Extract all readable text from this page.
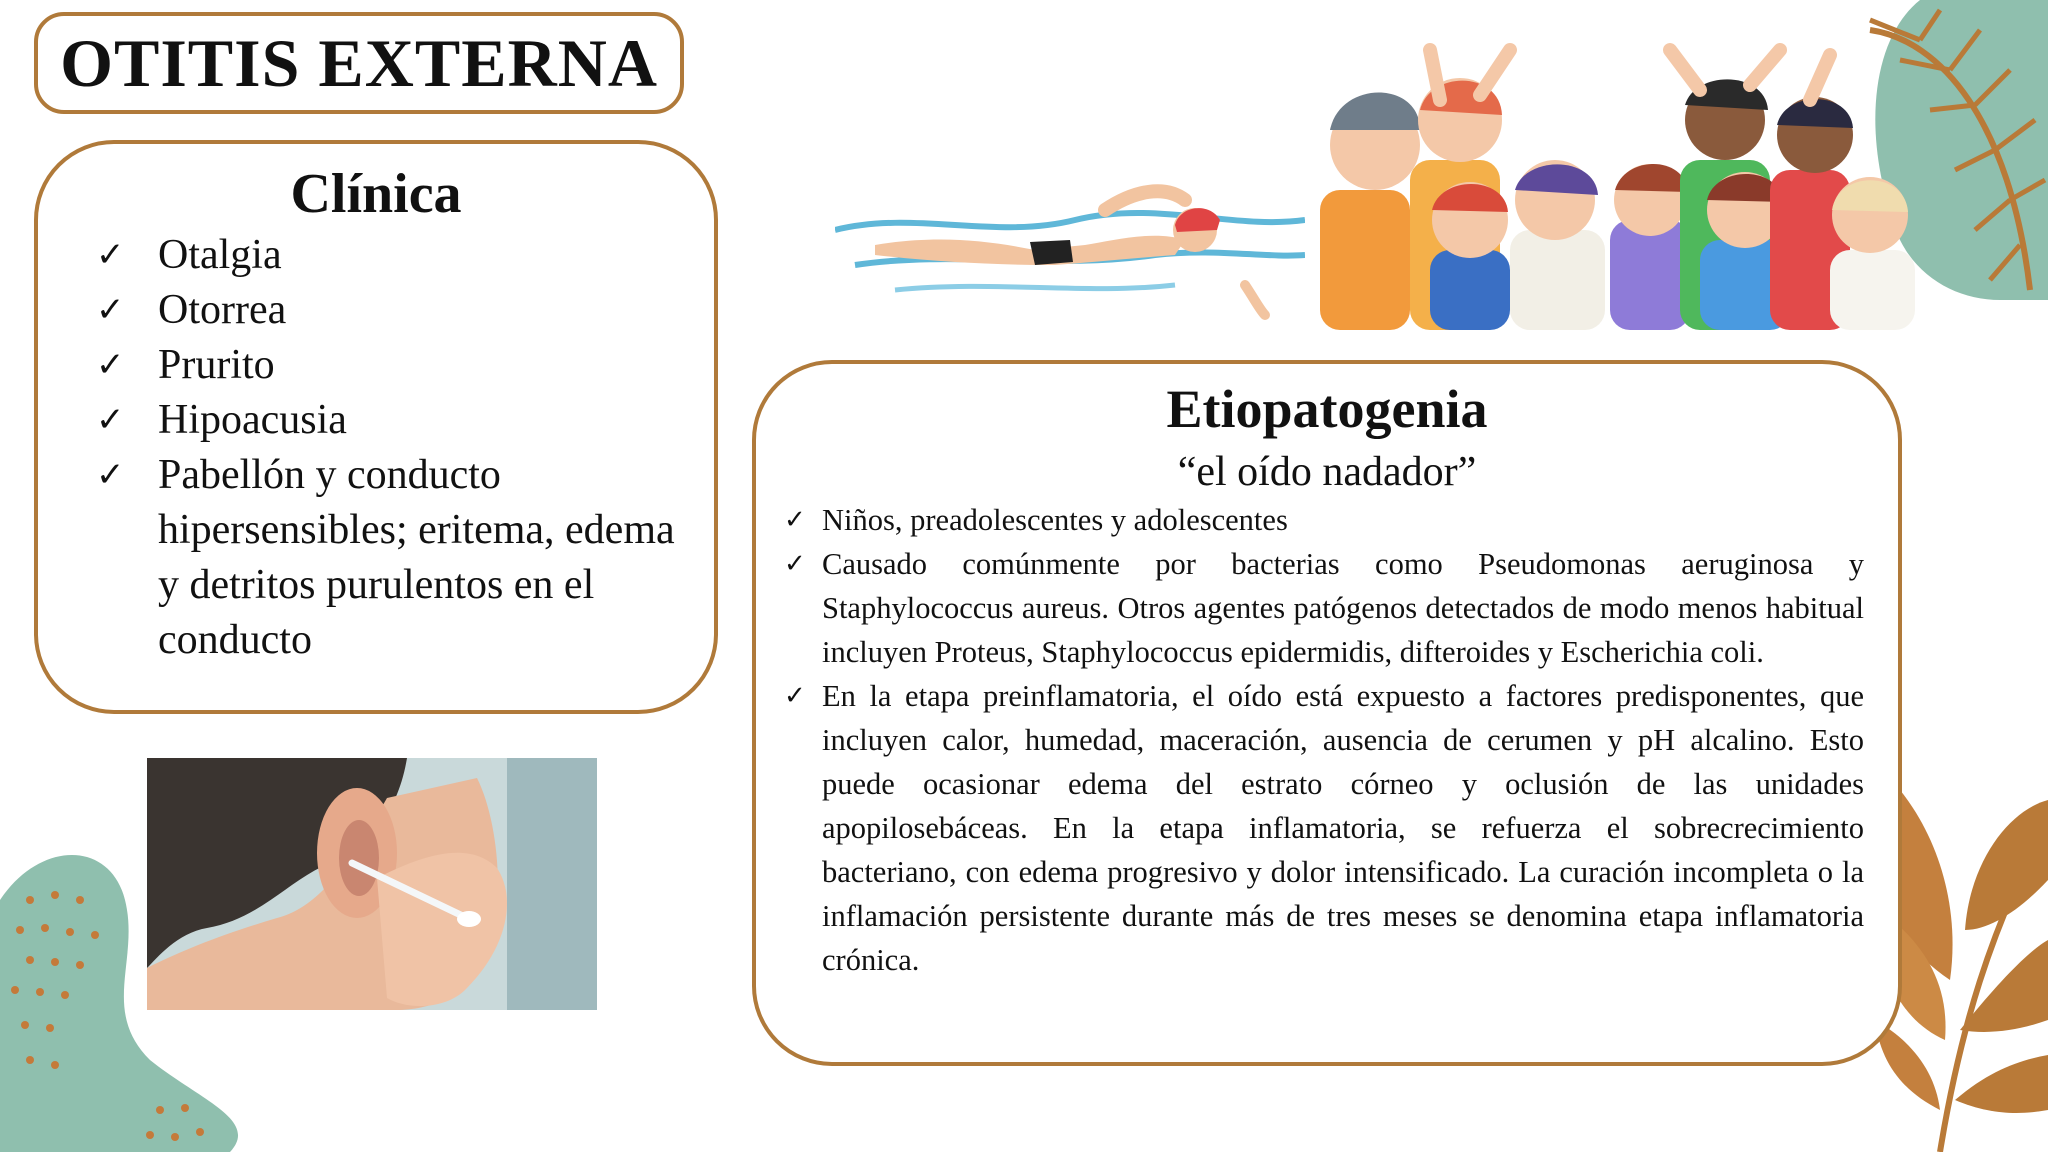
OTITIS EXTERNA
Clínica
✓ Otalgia
✓ Otorrea
✓ Prurito
✓ Hipoacusia
✓ Pabellón y conducto hipersensibles; eritema, edema y detritos purulentos en el conducto
Etiopatogenia
“el oído nadador”
✓ Niños, preadolescentes y adolescentes
✓ Causado comúnmente por bacterias como Pseudomonas aeruginosa y Staphylococcus aureus. Otros agentes patógenos detectados de modo menos habitual incluyen Proteus, Staphylococcus epidermidis, difteroides y Escherichia coli.
✓ En la etapa preinflamatoria, el oído está expuesto a factores predisponentes, que incluyen calor, humedad, maceración, ausencia de cerumen y pH alcalino. Esto puede ocasionar edema del estrato córneo y oclusión de las unidades apopilosebáceas. En la etapa inflamatoria, se refuerza el sobrecrecimiento bacteriano, con edema progresivo y dolor intensificado. La curación incompleta o la inflamación persistente durante más de tres meses se denomina etapa inflamatoria crónica.
